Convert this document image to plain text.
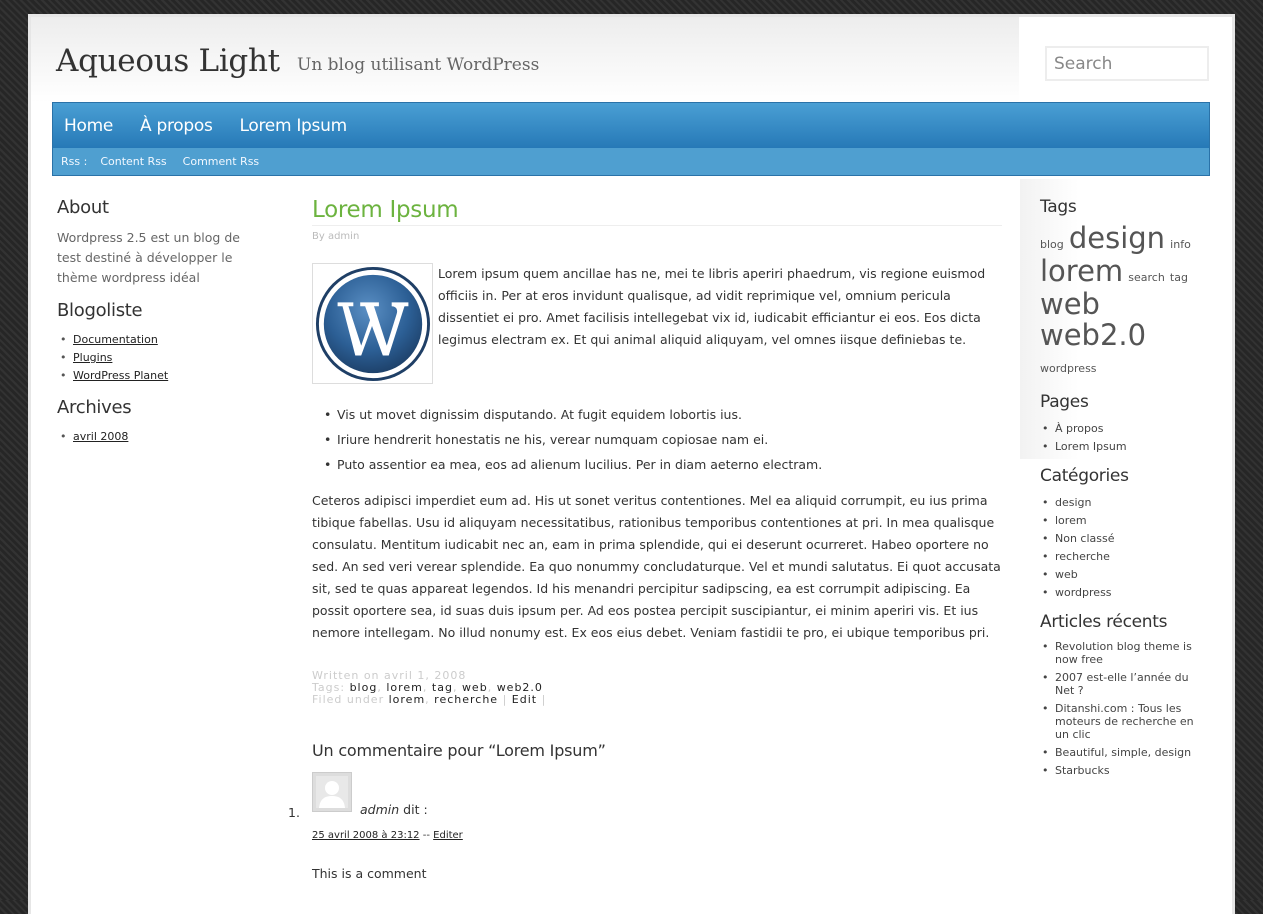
Aqueous Light Un blog utilisant WordPress
Search
Home À propos Lorem Ipsum
Rss : Content Rss Comment Rss
About

Wordpress 2.5 est un blog de test destiné à développer le thème wordpress idéal

Blogoliste
• Documentation
• Plugins
• WordPress Planet
Archives
• avril 2008
Lorem Ipsum
By admin

Lorem ipsum quem ancillae has ne, mei te libris aperiri phaedrum, vis regione euismod officiis in. Per at eros invidunt qualisque, ad vidit reprimique vel, omnium pericula dissentiet ei pro. Amet facilisis intellegebat vix id, iudicabit efficiantur ei eos. Eos dicta legimus electram ex. Et qui animal aliquid aliquyam, vel omnes iisque definiebas te.

• Vis ut movet dignissim disputando. At fugit equidem lobortis ius.
• Iriure hendrerit honestatis ne his, verear numquam copiosae nam ei.
• Puto assentior ea mea, eos ad alienum lucilius. Per in diam aeterno electram.

Ceteros adipisci imperdiet eum ad. His ut sonet veritus contentiones. Mel ea aliquid corrumpit, eu ius prima tibique fabellas. Usu id aliquyam necessitatibus, rationibus temporibus contentiones at pri. In mea qualisque consulatu. Mentitum iudicabit nec an, eam in prima splendide, qui ei deserunt ocurreret. Habeo oportere no sed. An sed veri verear splendide. Ea quo nonummy concludaturque. Vel et mundi salutatus. Ei quot accusata sit, sed te quas appareat legendos. Id his menandri percipitur sadipscing, ea est corrumpit adipiscing. Ea possit oportere sea, id suas duis ipsum per. Ad eos postea percipit suscipiantur, ei minim aperiri vis. Et ius nemore intellegam. No illud nonumy est. Ex eos eius debet. Veniam fastidii te pro, ei ubique temporibus pri.

Written on avril 1, 2008
Tags: blog, lorem, tag, web, web2.0
Filed under lorem, recherche | Edit |
Un commentaire pour “Lorem Ipsum”
1.	admin dit :
25 avril 2008 à 23:12 -- Editer
This is a comment
Tags
blog design info
lorem search tag
web web2.0
wordpress
Pages
• À propos
• Lorem Ipsum
Catégories
• design
• lorem
• Non classé
• recherche
• web
• wordpress
Articles récents
• Revolution blog theme is now free
• 2007 est-elle l’année du Net ?
• Ditanshi.com : Tous les moteurs de recherche en un clic
• Beautiful, simple, design
• Starbucks
